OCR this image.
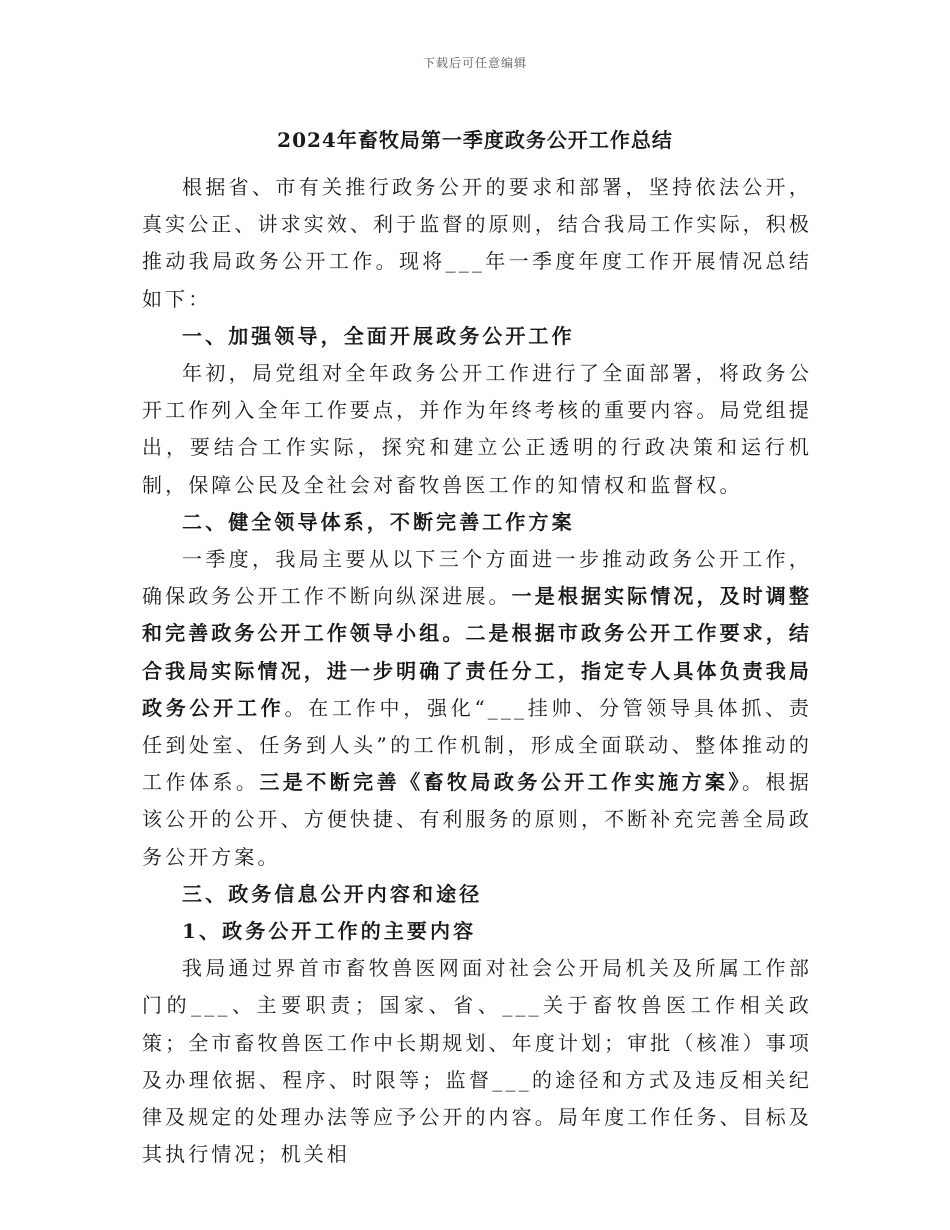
下载后可任意编辑
2024年畜牧局第一季度政务公开工作总结

根据省、市有关推行政务公开的要求和部署，坚持依法公开，真实公正、讲求实效、利于监督的原则，结合我局工作实际，积极推动我局政务公开工作。现将___年一季度年度工作开展情况总结如下：

一、加强领导，全面开展政务公开工作

年初，局党组对全年政务公开工作进行了全面部署，将政务公开工作列入全年工作要点，并作为年终考核的重要内容。局党组提出，要结合工作实际，探究和建立公正透明的行政决策和运行机制，保障公民及全社会对畜牧兽医工作的知情权和监督权。

二、健全领导体系，不断完善工作方案

一季度，我局主要从以下三个方面进一步推动政务公开工作，确保政务公开工作不断向纵深进展。一是根据实际情况，及时调整和完善政务公开工作领导小组。二是根据市政务公开工作要求，结合我局实际情况，进一步明确了责任分工，指定专人具体负责我局政务公开工作。在工作中，强化“___挂帅、分管领导具体抓、责任到处室、任务到人头”的工作机制，形成全面联动、整体推动的工作体系。三是不断完善《畜牧局政务公开工作实施方案》。根据该公开的公开、方便快捷、有利服务的原则，不断补充完善全局政务公开方案。

三、政务信息公开内容和途径

1、政务公开工作的主要内容

我局通过界首市畜牧兽医网面对社会公开局机关及所属工作部门的___、主要职责；国家、省、___关于畜牧兽医工作相关政策；全市畜牧兽医工作中长期规划、年度计划；审批（核准）事项及办理依据、程序、时限等；监督___的途径和方式及违反相关纪律及规定的处理办法等应予公开的内容。局年度工作任务、目标及其执行情况；机关相
